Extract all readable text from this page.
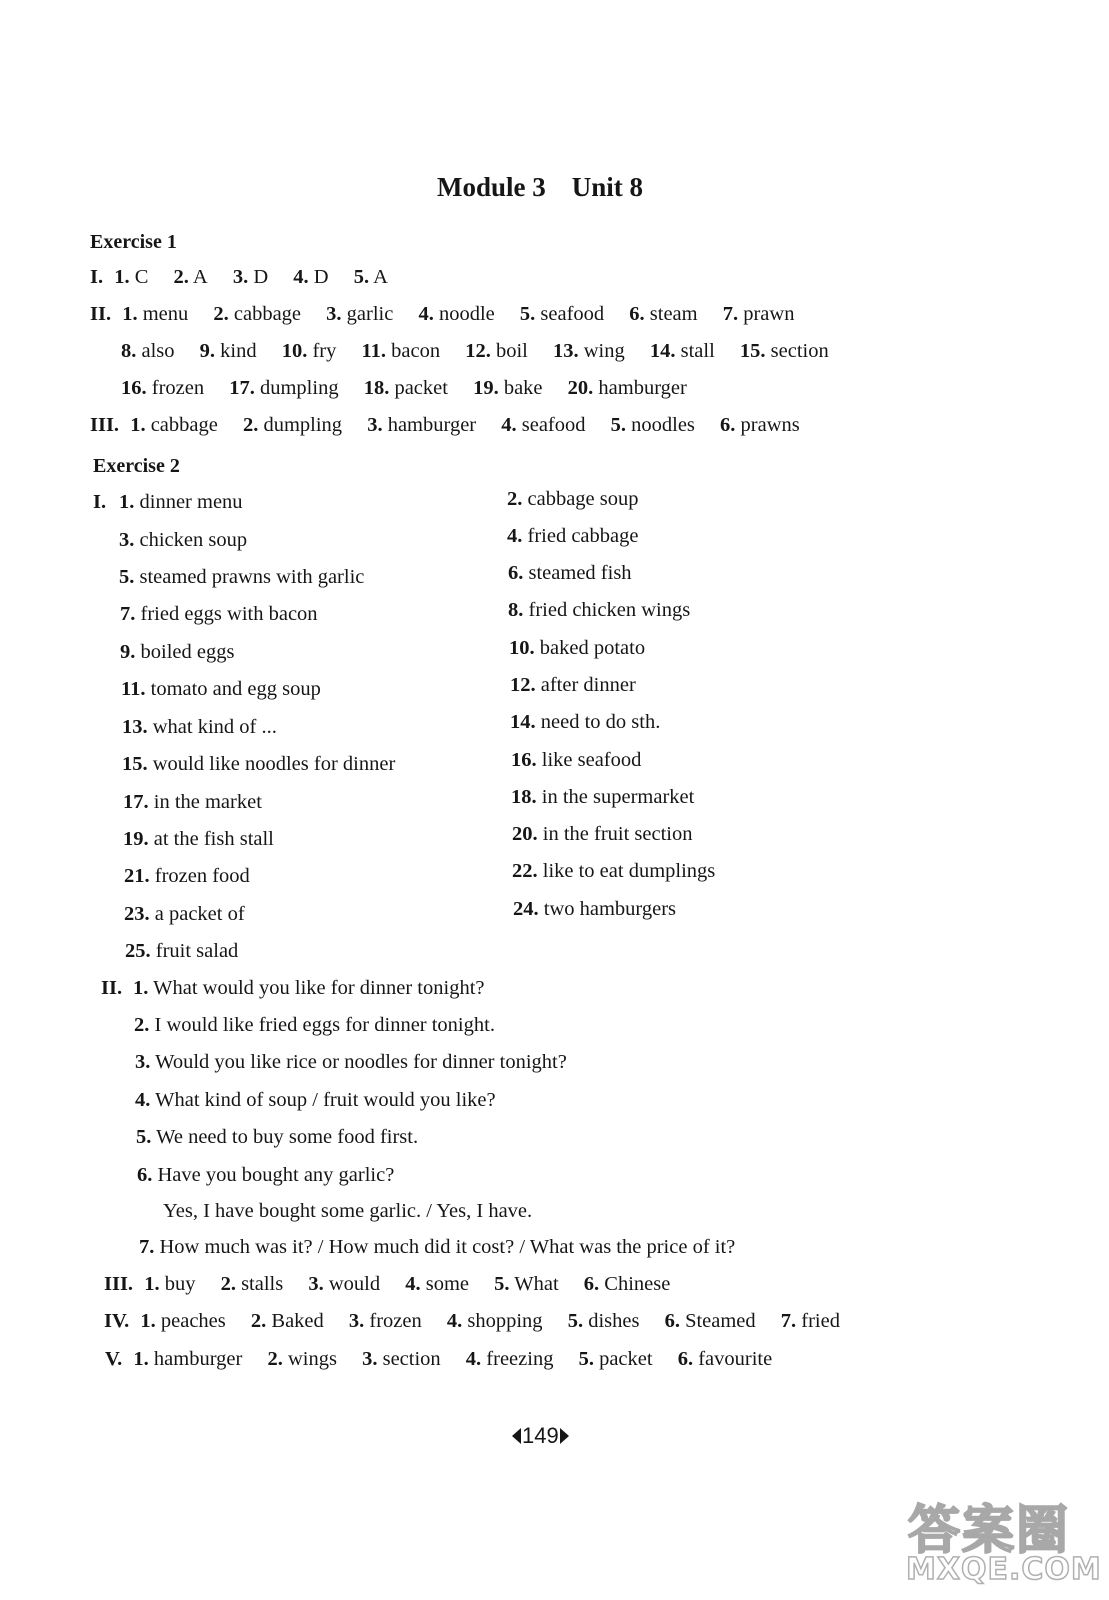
Module 3 Unit 8
Exercise 1
I. 1. C 2. A 3. D 4. D 5. A
II. 1. menu 2. cabbage 3. garlic 4. noodle 5. seafood 6. steam 7. prawn
8. also 9. kind 10. fry 11. bacon 12. boil 13. wing 14. stall 15. section
16. frozen 17. dumpling 18. packet 19. bake 20. hamburger
III. 1. cabbage 2. dumpling 3. hamburger 4. seafood 5. noodles 6. prawns
Exercise 2
I. 1. dinner menu	2. cabbage soup
3. chicken soup	4. fried cabbage
5. steamed prawns with garlic	6. steamed fish
7. fried eggs with bacon	8. fried chicken wings
9. boiled eggs	10. baked potato
11. tomato and egg soup	12. after dinner
13. what kind of ...	14. need to do sth.
15. would like noodles for dinner	16. like seafood
17. in the market	18. in the supermarket
19. at the fish stall	20. in the fruit section
21. frozen food	22. like to eat dumplings
23. a packet of	24. two hamburgers
25. fruit salad
II. 1. What would you like for dinner tonight?
2. I would like fried eggs for dinner tonight.
3. Would you like rice or noodles for dinner tonight?
4. What kind of soup / fruit would you like?
5. We need to buy some food first.
6. Have you bought any garlic?
Yes, I have bought some garlic. / Yes, I have.
7. How much was it? / How much did it cost? / What was the price of it?
III. 1. buy 2. stalls 3. would 4. some 5. What 6. Chinese
IV. 1. peaches 2. Baked 3. frozen 4. shopping 5. dishes 6. Steamed 7. fried
V. 1. hamburger 2. wings 3. section 4. freezing 5. packet 6. favourite
149
答案圈
MXQE.COM
